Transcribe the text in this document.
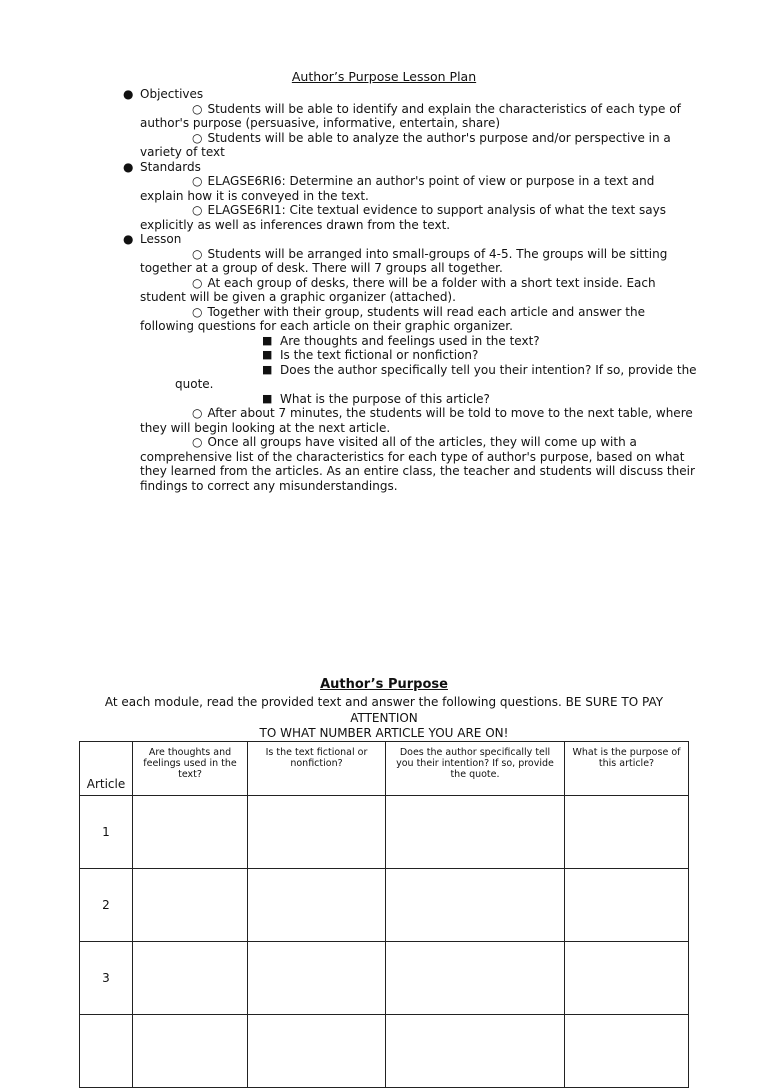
Author’s Purpose Lesson Plan
● Objectives
○ Students will be able to identify and explain the characteristics of each type of author's purpose (persuasive, informative, entertain, share)
○ Students will be able to analyze the author's purpose and/or perspective in a variety of text
● Standards
○ ELAGSE6RI6: Determine an author's point of view or purpose in a text and explain how it is conveyed in the text.
○ ELAGSE6RI1: Cite textual evidence to support analysis of what the text says explicitly as well as inferences drawn from the text.
● Lesson
○ Students will be arranged into small-groups of 4-5. The groups will be sitting together at a group of desk. There will 7 groups all together.
○ At each group of desks, there will be a folder with a short text inside. Each student will be given a graphic organizer (attached).
○ Together with their group, students will read each article and answer the following questions for each article on their graphic organizer.
■ Are thoughts and feelings used in the text?
■ Is the text fictional or nonfiction?
■ Does the author specifically tell you their intention? If so, provide the
quote.
■ What is the purpose of this article?
○ After about 7 minutes, the students will be told to move to the next table, where they will begin looking at the next article.
○ Once all groups have visited all of the articles, they will come up with a comprehensive list of the characteristics for each type of author's purpose, based on what they learned from the articles. As an entire class, the teacher and students will discuss their findings to correct any misunderstandings.
Author’s Purpose
At each module, read the provided text and answer the following questions. BE SURE TO PAY ATTENTION
TO WHAT NUMBER ARTICLE YOU ARE ON!
Article	Are thoughts and feelings used in the text?	Is the text fictional or nonfiction?	Does the author specifically tell you their intention? If so, provide the quote.	What is the purpose of this article?
1				
2				
3				
